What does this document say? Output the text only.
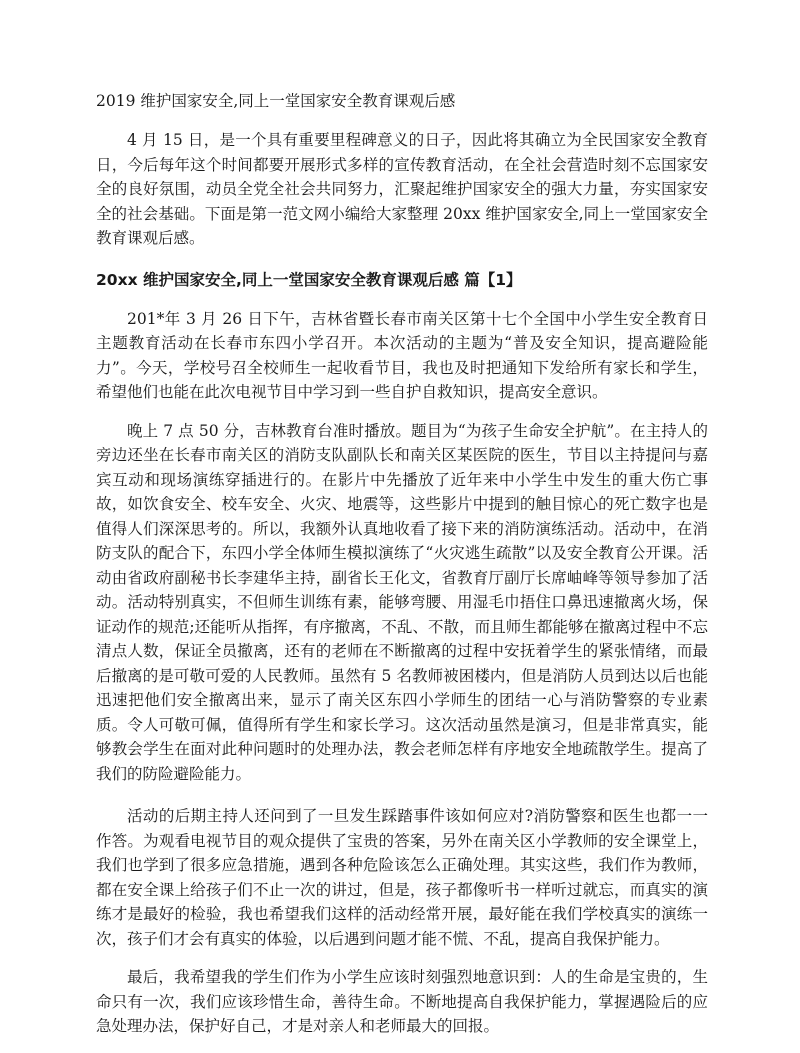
2019 维护国家安全,同上一堂国家安全教育课观后感

4 月 15 日，是一个具有重要里程碑意义的日子，因此将其确立为全民国家安全教育日，今后每年这个时间都要开展形式多样的宣传教育活动，在全社会营造时刻不忘国家安全的良好氛围，动员全党全社会共同努力，汇聚起维护国家安全的强大力量，夯实国家安全的社会基础。下面是第一范文网小编给大家整理 20xx 维护国家安全,同上一堂国家安全教育课观后感。

20xx 维护国家安全,同上一堂国家安全教育课观后感 篇【1】

201*年 3 月 26 日下午，吉林省暨长春市南关区第十七个全国中小学生安全教育日主题教育活动在长春市东四小学召开。本次活动的主题为“普及安全知识，提高避险能力”。今天，学校号召全校师生一起收看节目，我也及时把通知下发给所有家长和学生，希望他们也能在此次电视节目中学习到一些自护自救知识，提高安全意识。

晚上 7 点 50 分，吉林教育台准时播放。题目为“为孩子生命安全护航”。在主持人的旁边还坐在长春市南关区的消防支队副队长和南关区某医院的医生，节目以主持提问与嘉宾互动和现场演练穿插进行的。在影片中先播放了近年来中小学生中发生的重大伤亡事故，如饮食安全、校车安全、火灾、地震等，这些影片中提到的触目惊心的死亡数字也是值得人们深深思考的。所以，我额外认真地收看了接下来的消防演练活动。活动中，在消防支队的配合下，东四小学全体师生模拟演练了“火灾逃生疏散”以及安全教育公开课。活动由省政府副秘书长李建华主持，副省长王化文，省教育厅副厅长席岫峰等领导参加了活动。活动特别真实，不但师生训练有素，能够弯腰、用湿毛巾捂住口鼻迅速撤离火场，保证动作的规范;还能听从指挥，有序撤离，不乱、不散，而且师生都能够在撤离过程中不忘清点人数，保证全员撤离，还有的老师在不断撤离的过程中安抚着学生的紧张情绪，而最后撤离的是可敬可爱的人民教师。虽然有 5 名教师被困楼内，但是消防人员到达以后也能迅速把他们安全撤离出来，显示了南关区东四小学师生的团结一心与消防警察的专业素质。令人可敬可佩，值得所有学生和家长学习。这次活动虽然是演习，但是非常真实，能够教会学生在面对此种问题时的处理办法，教会老师怎样有序地安全地疏散学生。提高了我们的防险避险能力。

活动的后期主持人还问到了一旦发生踩踏事件该如何应对?消防警察和医生也都一一作答。为观看电视节目的观众提供了宝贵的答案，另外在南关区小学教师的安全课堂上，我们也学到了很多应急措施，遇到各种危险该怎么正确处理。其实这些，我们作为教师，都在安全课上给孩子们不止一次的讲过，但是，孩子都像听书一样听过就忘，而真实的演练才是最好的检验，我也希望我们这样的活动经常开展，最好能在我们学校真实的演练一次，孩子们才会有真实的体验，以后遇到问题才能不慌、不乱，提高自我保护能力。

最后，我希望我的学生们作为小学生应该时刻强烈地意识到：人的生命是宝贵的，生命只有一次，我们应该珍惜生命，善待生命。不断地提高自我保护能力，掌握遇险后的应急处理办法，保护好自己，才是对亲人和老师最大的回报。
